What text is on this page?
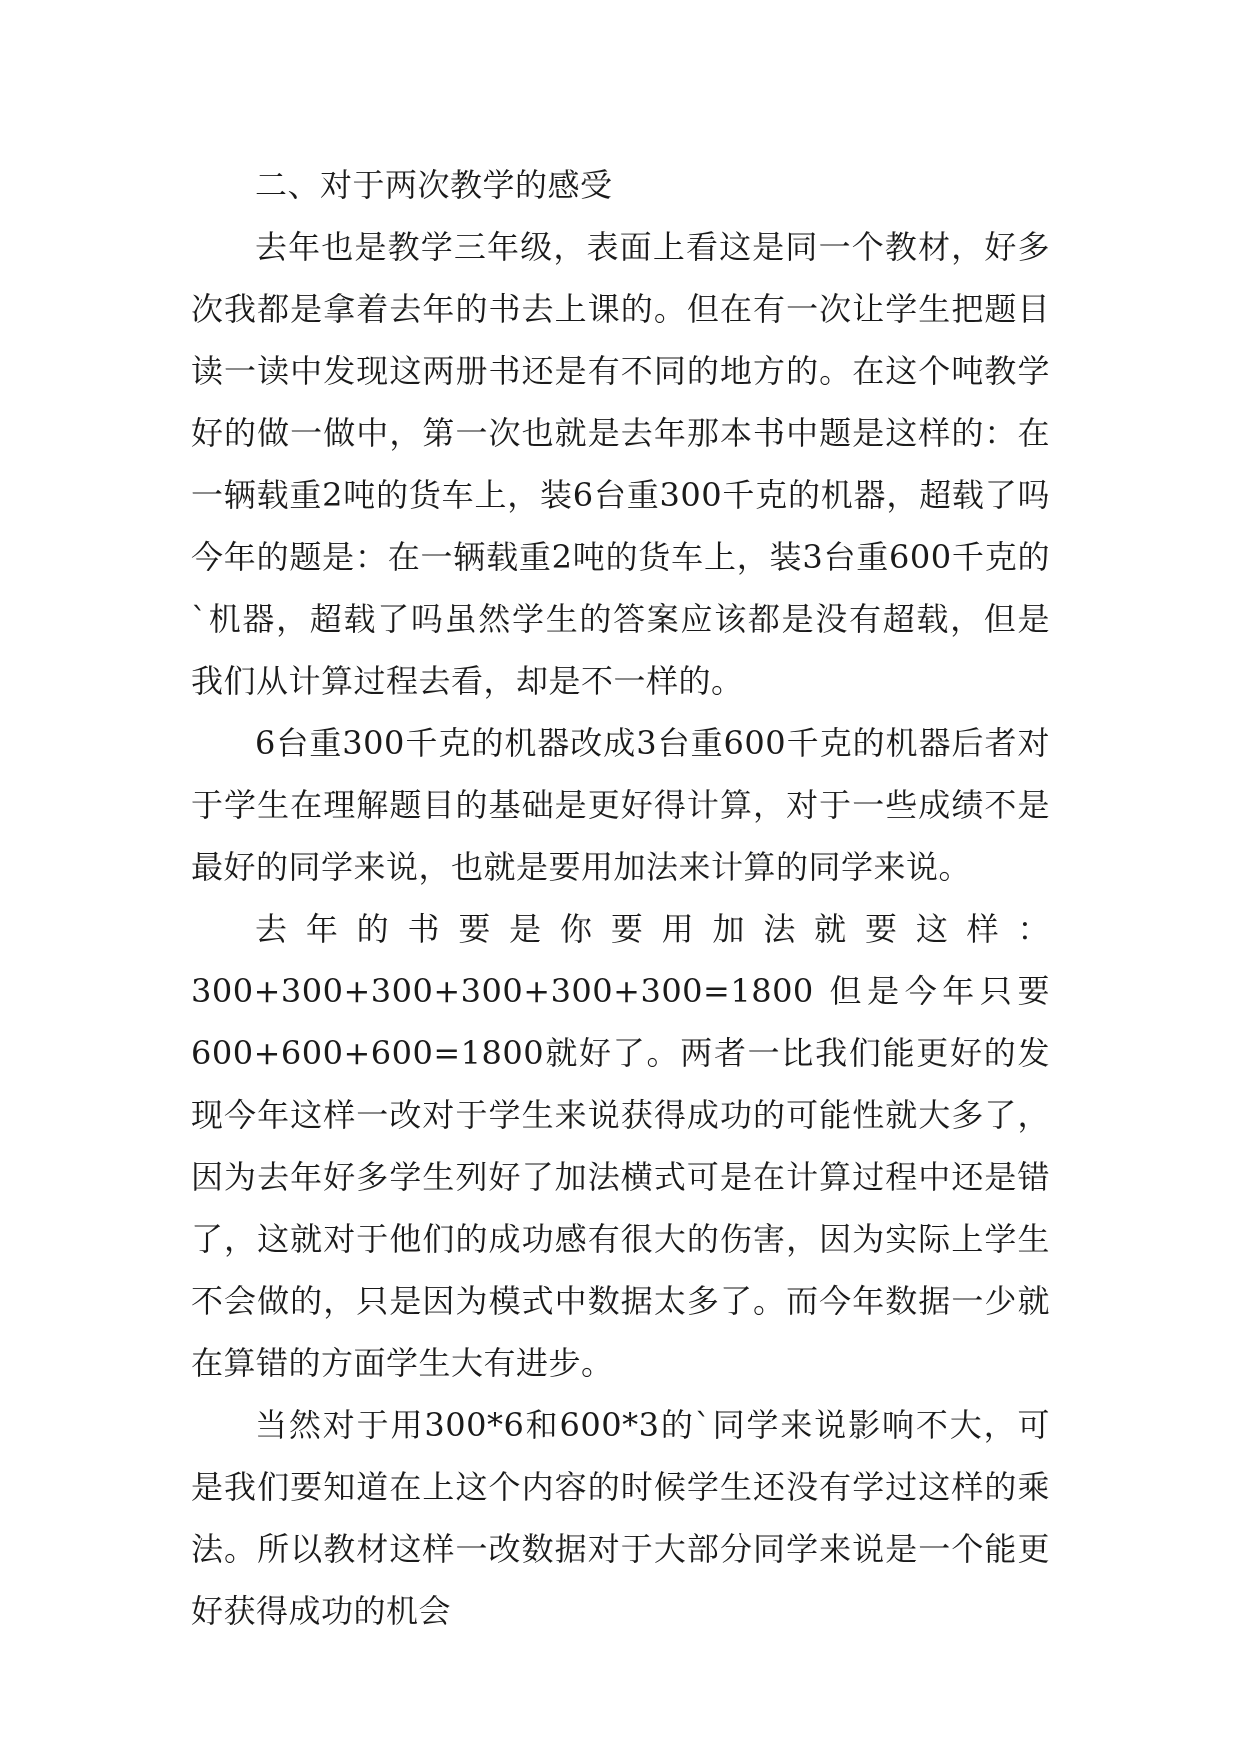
二、对于两次教学的感受

去年也是教学三年级，表面上看这是同一个教材，好多次我都是拿着去年的书去上课的。但在有一次让学生把题目读一读中发现这两册书还是有不同的地方的。在这个吨教学好的做一做中，第一次也就是去年那本书中题是这样的：在一辆载重2吨的货车上，装6台重300千克的机器，超载了吗今年的题是：在一辆载重2吨的货车上，装3台重600千克的`机器，超载了吗虽然学生的答案应该都是没有超载，但是我们从计算过程去看，却是不一样的。

6台重300千克的机器改成3台重600千克的机器后者对于学生在理解题目的基础是更好得计算，对于一些成绩不是最好的同学来说，也就是要用加法来计算的同学来说。

去年的书要是你要用加法就要这样：300+300+300+300+300+300=1800 但是今年只要600+600+600=1800就好了。两者一比我们能更好的发现今年这样一改对于学生来说获得成功的可能性就大多了，因为去年好多学生列好了加法横式可是在计算过程中还是错了，这就对于他们的成功感有很大的伤害，因为实际上学生不会做的，只是因为模式中数据太多了。而今年数据一少就在算错的方面学生大有进步。

当然对于用300*6和600*3的`同学来说影响不大，可是我们要知道在上这个内容的时候学生还没有学过这样的乘法。所以教材这样一改数据对于大部分同学来说是一个能更好获得成功的机会
